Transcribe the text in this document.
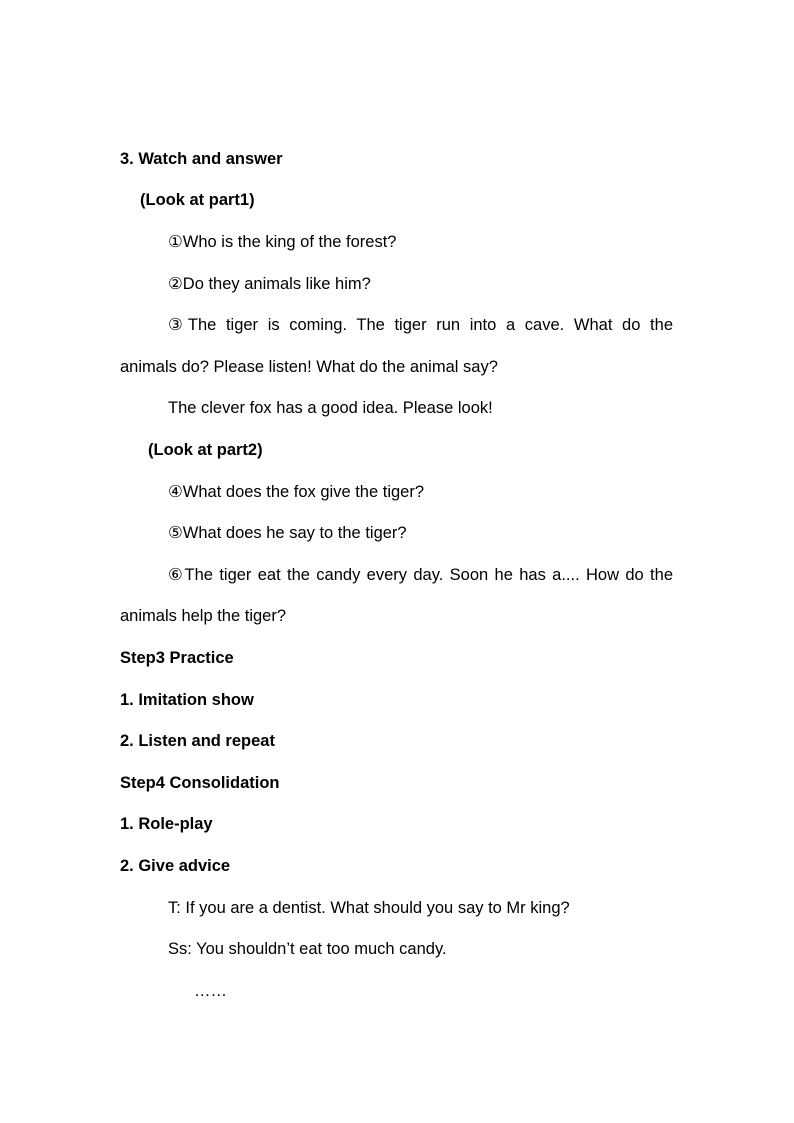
3. Watch and answer
(Look at part1)
①Who is the king of the forest?
②Do they animals like him?
③The tiger is coming. The tiger run into a cave. What do the
animals do? Please listen! What do the animal say?
The clever fox has a good idea. Please look!
(Look at part2)
④What does the fox give the tiger?
⑤What does he say to the tiger?
⑥The tiger eat the candy every day. Soon he has a.... How do the
animals help the tiger?
Step3 Practice
1. Imitation show
2. Listen and repeat
Step4 Consolidation
1. Role-play
2. Give advice
T: If you are a dentist. What should you say to Mr king?
Ss: You shouldn’t eat too much candy.
……
